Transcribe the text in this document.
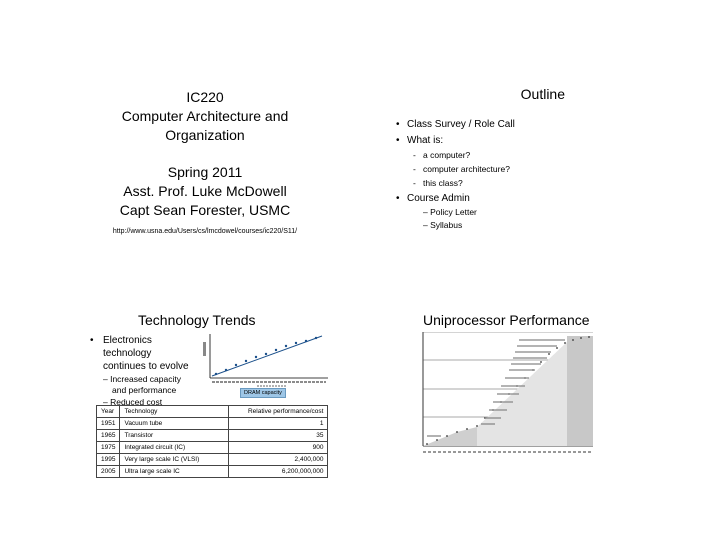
IC220

Computer Architecture and

Organization

Spring 2011

Asst. Prof. Luke McDowell

Capt Sean Forester, USMC

http://www.usna.edu/Users/cs/lmcdowel/courses/ic220/S11/
Outline
• Class Survey / Role Call
• What is:
- a computer?
- computer architecture?
- this class?
• Course Admin
– Policy Letter
– Syllabus
Technology Trends
• Electronics
technology
continues to evolve
– Increased capacity
and performance
– Reduced cost
DRAM capacity
Year	Technology	Relative performance/cost
1951	Vacuum tube	1
1965	Transistor	35
1975	Integrated circuit (IC)	900
1995	Very large scale IC (VLSI)	2,400,000
2005	Ultra large scale IC	6,200,000,000
Uniprocessor Performance
